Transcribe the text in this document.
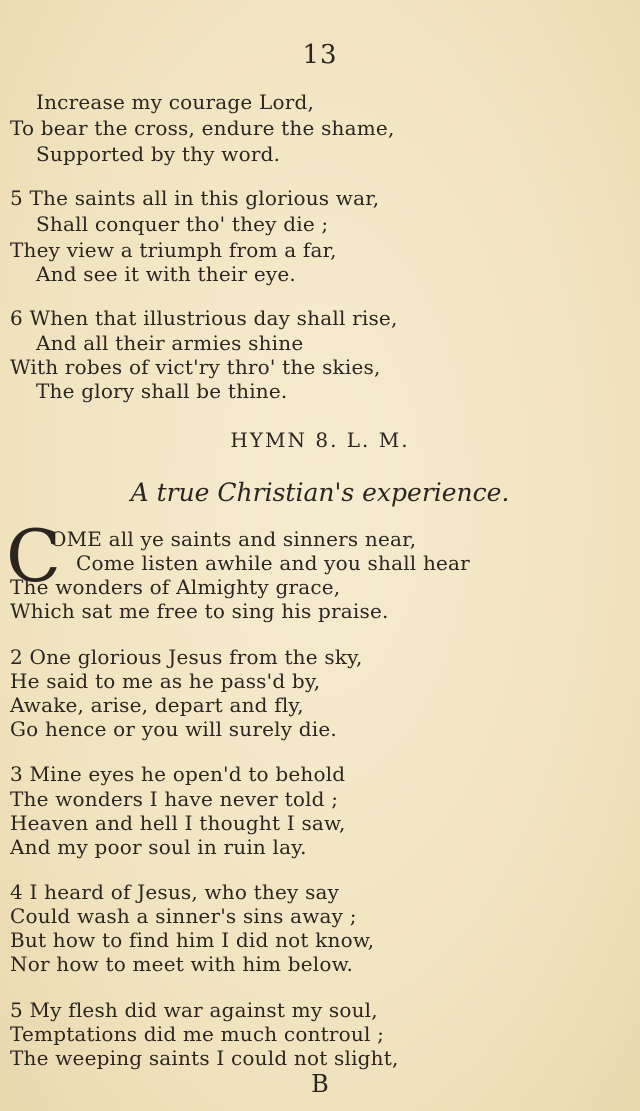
13
Increase my courage Lord,
To bear the cross, endure the shame,
Supported by thy word.
5 The saints all in this glorious war,
Shall conquer tho' they die ;
They view a triumph from a far,
And see it with their eye.
6 When that illustrious day shall rise,
And all their armies shine
With robes of vict'ry thro' the skies,
The glory shall be thine.
HYMN 8. L. M.
A true Christian's experience.
C
OME all ye saints and sinners near,
Come listen awhile and you shall hear
The wonders of Almighty grace,
Which sat me free to sing his praise.
2 One glorious Jesus from the sky,
He said to me as he pass'd by,
Awake, arise, depart and fly,
Go hence or you will surely die.
3 Mine eyes he open'd to behold
The wonders I have never told ;
Heaven and hell I thought I saw,
And my poor soul in ruin lay.
4 I heard of Jesus, who they say
Could wash a sinner's sins away ;
But how to find him I did not know,
Nor how to meet with him below.
5 My flesh did war against my soul,
Temptations did me much controul ;
The weeping saints I could not slight,
B
